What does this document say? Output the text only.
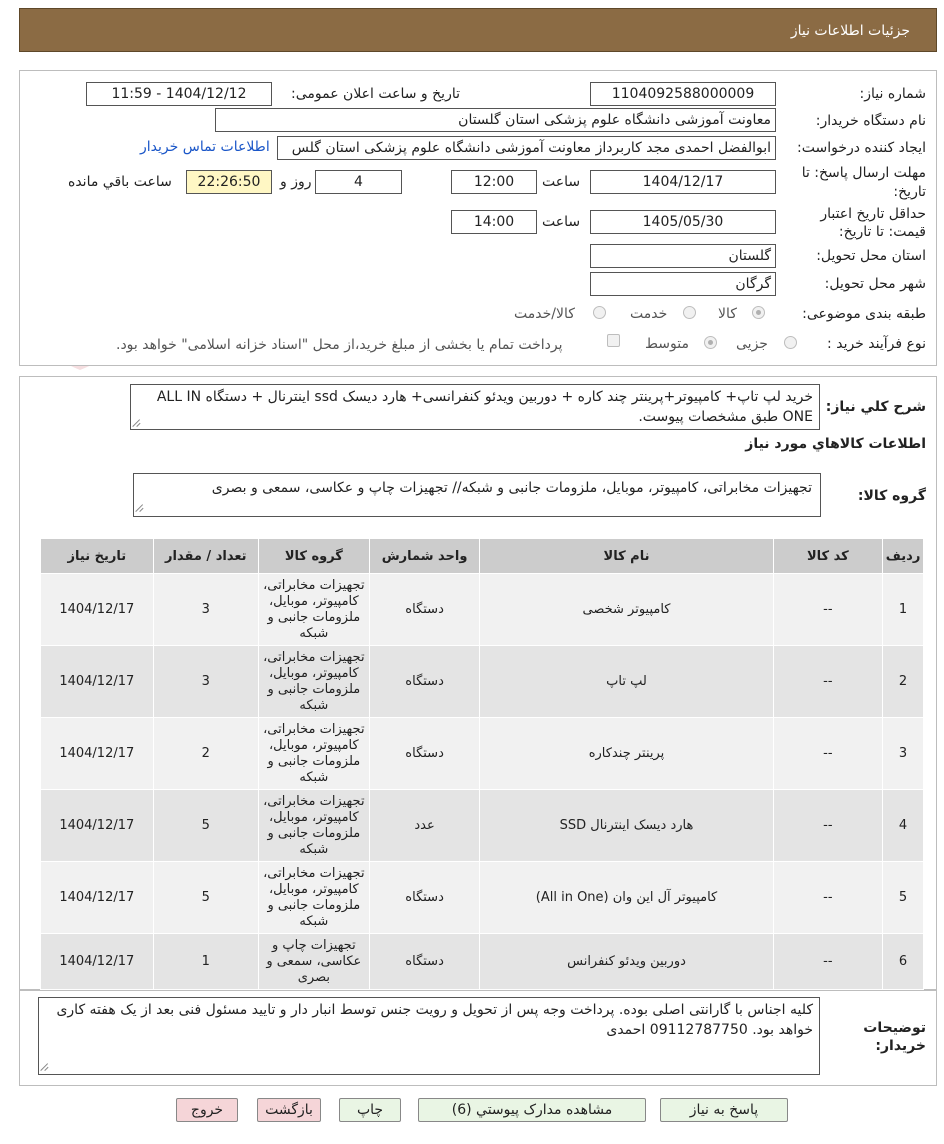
جزئیات اطلاعات نیاز
شماره نیاز:
1104092588000009
تاریخ و ساعت اعلان عمومی:
1404/12/12 - 11:59
نام دستگاه خریدار:
معاونت آموزشی دانشگاه علوم پزشکی استان گلستان
ایجاد کننده درخواست:
ابوالفضل احمدی مجد کاربرداز معاونت آموزشی دانشگاه علوم پزشکی استان گلس
اطلاعات تماس خریدار
مهلت ارسال پاسخ: تا
تاریخ:
1404/12/17
ساعت
12:00
4
روز و
22:26:50
ساعت باقي مانده
حداقل تاریخ اعتبار
قیمت: تا تاریخ:
1405/05/30
ساعت
14:00
استان محل تحویل:
گلستان
شهر محل تحویل:
گرگان
طبقه بندی موضوعی:
کالا
خدمت
کالا/خدمت
نوع فرآیند خرید :
جزیی
متوسط
پرداخت تمام یا بخشی از مبلغ خرید،از محل "اسناد خزانه اسلامی" خواهد بود.
شرح کلي نیاز:
خرید لپ تاپ+ کامپیوتر+پرینتر چند کاره + دوربین ویدئو کنفرانسی+ هارد دیسک ssd اینترنال + دستگاه ALL IN ONE طبق مشخصات پیوست.
اطلاعات کالاهاي مورد نیاز
گروه کالا:
تجهیزات مخابراتی، کامپیوتر، موبایل، ملزومات جانبی و شبکه// تجهیزات چاپ و عکاسی، سمعی و بصری
ردیف	کد کالا	نام کالا	واحد شمارش	گروه کالا	تعداد / مقدار	تاریخ نیاز
1	--	کامپیوتر شخصی	دستگاه	تجهیزات مخابراتی، کامپیوتر، موبایل، ملزومات جانبی و شبکه	3	1404/12/17
2	--	لپ تاپ	دستگاه	تجهیزات مخابراتی، کامپیوتر، موبایل، ملزومات جانبی و شبکه	3	1404/12/17
3	--	پرینتر چندکاره	دستگاه	تجهیزات مخابراتی، کامپیوتر، موبایل، ملزومات جانبی و شبکه	2	1404/12/17
4	--	هارد دیسک اینترنال SSD	عدد	تجهیزات مخابراتی، کامپیوتر، موبایل، ملزومات جانبی و شبکه	5	1404/12/17
5	--	کامپیوتر آل این وان (All in One)	دستگاه	تجهیزات مخابراتی، کامپیوتر، موبایل، ملزومات جانبی و شبکه	5	1404/12/17
6	--	دوربین ویدئو کنفرانس	دستگاه	تجهیزات چاپ و عکاسی، سمعی و بصری	1	1404/12/17
توضیحات
خریدار:
کلیه اجناس با گارانتی اصلی بوده. پرداخت وجه پس از تحویل و رویت جنس توسط انبار دار و تایید مسئول فنی بعد از یک هفته کاری خواهد بود. 09112787750 احمدی
پاسخ به نیاز
مشاهده مدارک پیوستي (6)
چاپ
بازگشت
خروج
